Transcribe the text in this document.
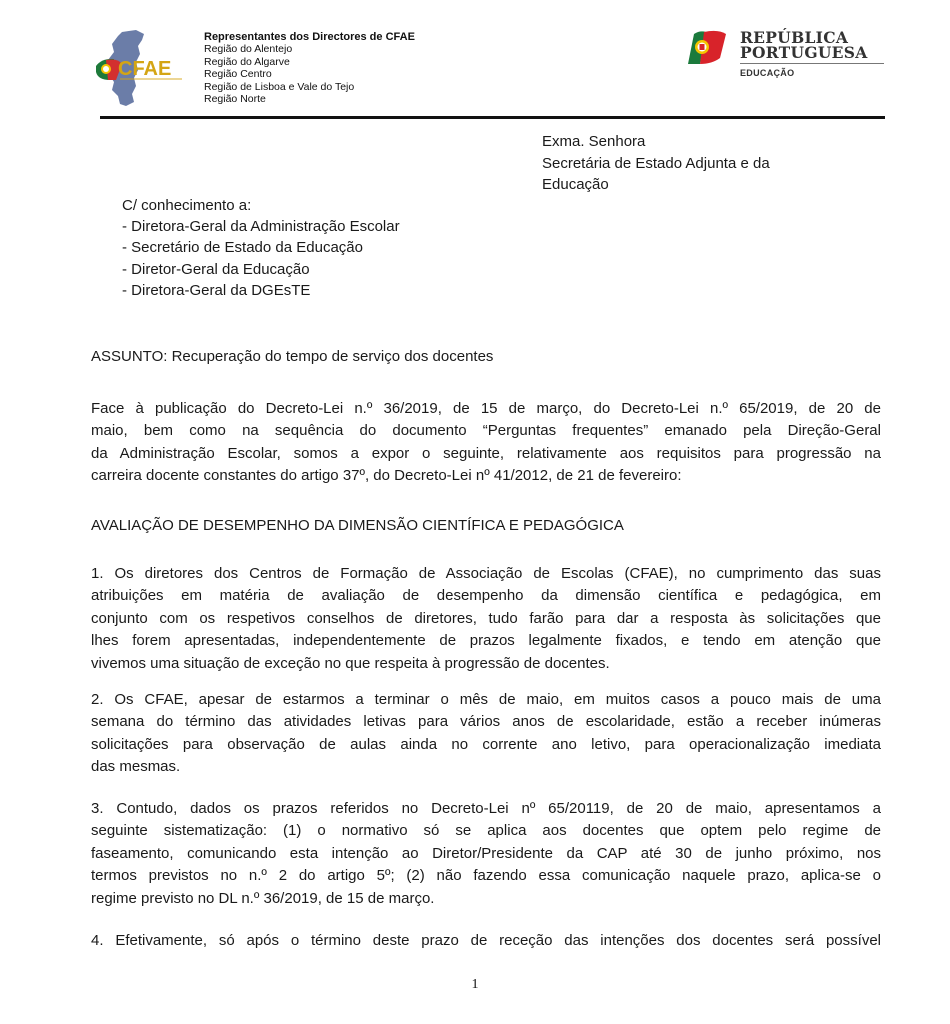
CFAE
Representantes dos Directores de CFAE
Região do Alentejo
Região do Algarve
Região Centro
Região de Lisboa e Vale do Tejo
Região Norte
REPÚBLICA
PORTUGUESA
EDUCAÇÃO
Exma. Senhora
Secretária de Estado Adjunta e da
Educação
C/ conhecimento a:
- Diretora-Geral da Administração Escolar
- Secretário de Estado da Educação
- Diretor-Geral da Educação
- Diretora-Geral da DGEsTE
ASSUNTO: Recuperação do tempo de serviço dos docentes
Face à publicação do Decreto-Lei n.º 36/2019, de 15 de março, do Decreto-Lei n.º 65/2019, de 20 de
maio, bem como na sequência do documento “Perguntas frequentes” emanado pela Direção-Geral
da Administração Escolar, somos a expor o seguinte, relativamente aos requisitos para progressão na
carreira docente constantes do artigo 37º, do Decreto-Lei nº 41/2012, de 21 de fevereiro:
AVALIAÇÃO DE DESEMPENHO DA DIMENSÃO CIENTÍFICA E PEDAGÓGICA
1. Os diretores dos Centros de Formação de Associação de Escolas (CFAE), no cumprimento das suas
atribuições em matéria de avaliação de desempenho da dimensão científica e pedagógica, em
conjunto com os respetivos conselhos de diretores, tudo farão para dar a resposta às solicitações que
lhes forem apresentadas, independentemente de prazos legalmente fixados, e tendo em atenção que
vivemos uma situação de exceção no que respeita à progressão de docentes.
2. Os CFAE, apesar de estarmos a terminar o mês de maio, em muitos casos a pouco mais de uma
semana do término das atividades letivas para vários anos de escolaridade, estão a receber inúmeras
solicitações para observação de aulas ainda no corrente ano letivo, para operacionalização imediata
das mesmas.
3. Contudo, dados os prazos referidos no Decreto-Lei nº 65/20119, de 20 de maio, apresentamos a
seguinte sistematização: (1) o normativo só se aplica aos docentes que optem pelo regime de
faseamento, comunicando esta intenção ao Diretor/Presidente da CAP até 30 de junho próximo, nos
termos previstos no n.º 2 do artigo 5º; (2) não fazendo essa comunicação naquele prazo, aplica-se o
regime previsto no DL n.º 36/2019, de 15 de março.
4. Efetivamente, só após o término deste prazo de receção das intenções dos docentes será possível
1
